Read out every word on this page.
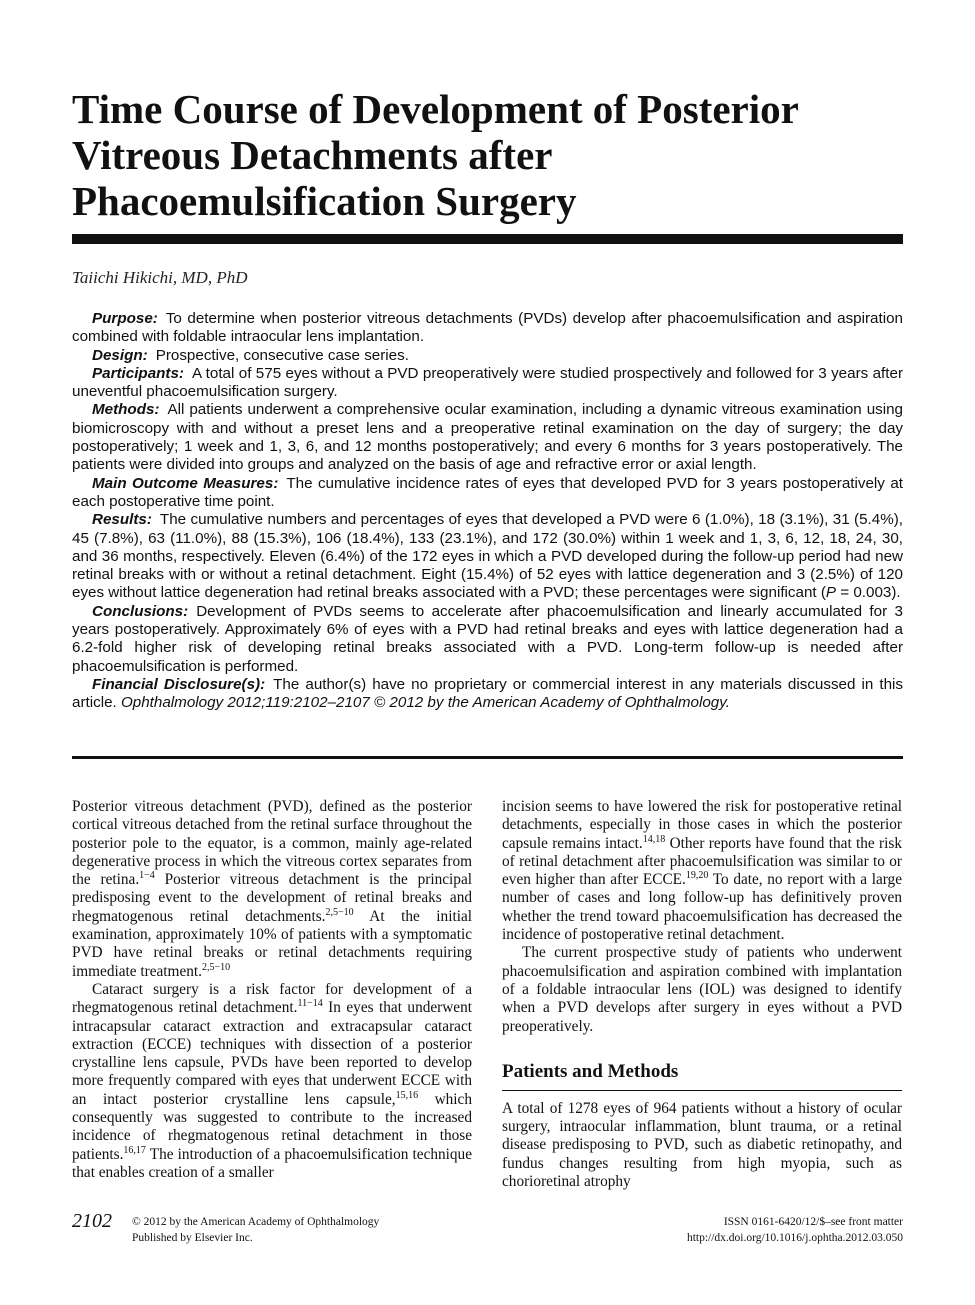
Time Course of Development of Posterior Vitreous Detachments after Phacoemulsification Surgery
Taiichi Hikichi, MD, PhD

Purpose: To determine when posterior vitreous detachments (PVDs) develop after phacoemulsification and aspiration combined with foldable intraocular lens implantation.

Design: Prospective, consecutive case series.

Participants: A total of 575 eyes without a PVD preoperatively were studied prospectively and followed for 3 years after uneventful phacoemulsification surgery.

Methods: All patients underwent a comprehensive ocular examination, including a dynamic vitreous examination using biomicroscopy with and without a preset lens and a preoperative retinal examination on the day of surgery; the day postoperatively; 1 week and 1, 3, 6, and 12 months postoperatively; and every 6 months for 3 years postoperatively. The patients were divided into groups and analyzed on the basis of age and refractive error or axial length.

Main Outcome Measures: The cumulative incidence rates of eyes that developed PVD for 3 years postoperatively at each postoperative time point.

Results: The cumulative numbers and percentages of eyes that developed a PVD were 6 (1.0%), 18 (3.1%), 31 (5.4%), 45 (7.8%), 63 (11.0%), 88 (15.3%), 106 (18.4%), 133 (23.1%), and 172 (30.0%) within 1 week and 1, 3, 6, 12, 18, 24, 30, and 36 months, respectively. Eleven (6.4%) of the 172 eyes in which a PVD developed during the follow-up period had new retinal breaks with or without a retinal detachment. Eight (15.4%) of 52 eyes with lattice degeneration and 3 (2.5%) of 120 eyes without lattice degeneration had retinal breaks associated with a PVD; these percentages were significant (P = 0.003).

Conclusions: Development of PVDs seems to accelerate after phacoemulsification and linearly accumulated for 3 years postoperatively. Approximately 6% of eyes with a PVD had retinal breaks and eyes with lattice degeneration had a 6.2-fold higher risk of developing retinal breaks associated with a PVD. Long-term follow-up is needed after phacoemulsification is performed.

Financial Disclosure(s): The author(s) have no proprietary or commercial interest in any materials discussed in this article. Ophthalmology 2012;119:2102–2107 © 2012 by the American Academy of Ophthalmology.

Posterior vitreous detachment (PVD), defined as the posterior cortical vitreous detached from the retinal surface throughout the posterior pole to the equator, is a common, mainly age-related degenerative process in which the vitreous cortex separates from the retina.$^{1-4}$ Posterior vitreous detachment is the principal predisposing event to the development of retinal breaks and rhegmatogenous retinal detachments.$^{2,5-10}$ At the initial examination, approximately 10% of patients with a symptomatic PVD have retinal breaks or retinal detachments requiring immediate treatment.$^{2,5-10}$

Cataract surgery is a risk factor for development of a rhegmatogenous retinal detachment.$^{11-14}$ In eyes that underwent intracapsular cataract extraction and extracapsular cataract extraction (ECCE) techniques with dissection of a posterior crystalline lens capsule, PVDs have been reported to develop more frequently compared with eyes that underwent ECCE with an intact posterior crystalline lens capsule,$^{15,16}$ which consequently was suggested to contribute to the increased incidence of rhegmatogenous retinal detachment in those patients.$^{16,17}$ The introduction of a phacoemulsification technique that enables creation of a smaller

incision seems to have lowered the risk for postoperative retinal detachments, especially in those cases in which the posterior capsule remains intact.$^{14,18}$ Other reports have found that the risk of retinal detachment after phacoemulsification was similar to or even higher than after ECCE.$^{19,20}$ To date, no report with a large number of cases and long follow-up has definitively proven whether the trend toward phacoemulsification has decreased the incidence of postoperative retinal detachment.

The current prospective study of patients who underwent phacoemulsification and aspiration combined with implantation of a foldable intraocular lens (IOL) was designed to identify when a PVD develops after surgery in eyes without a PVD preoperatively.

Patients and Methods

A total of 1278 eyes of 964 patients without a history of ocular surgery, intraocular inflammation, blunt trauma, or a retinal disease predisposing to PVD, such as diabetic retinopathy, and fundus changes resulting from high myopia, such as chorioretinal atrophy

2102 © 2012 by the American Academy of Ophthalmology
Published by Elsevier Inc.
ISSN 0161-6420/12/$–see front matter
http://dx.doi.org/10.1016/j.ophtha.2012.03.050
